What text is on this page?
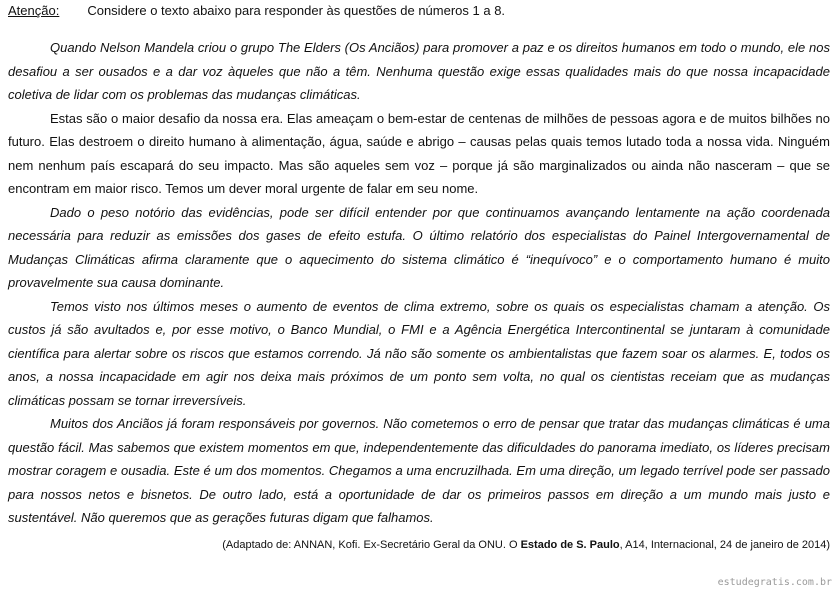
Atenção: Considere o texto abaixo para responder às questões de números 1 a 8.

Quando Nelson Mandela criou o grupo The Elders (Os Anciãos) para promover a paz e os direitos humanos em todo o mundo, ele nos desafiou a ser ousados e a dar voz àqueles que não a têm. Nenhuma questão exige essas qualidades mais do que nossa incapacidade coletiva de lidar com os problemas das mudanças climáticas.

Estas são o maior desafio da nossa era. Elas ameaçam o bem-estar de centenas de milhões de pessoas agora e de muitos bilhões no futuro. Elas destroem o direito humano à alimentação, água, saúde e abrigo – causas pelas quais temos lutado toda a nossa vida. Ninguém nem nenhum país escapará do seu impacto. Mas são aqueles sem voz – porque já são marginalizados ou ainda não nasceram – que se encontram em maior risco. Temos um dever moral urgente de falar em seu nome.

Dado o peso notório das evidências, pode ser difícil entender por que continuamos avançando lentamente na ação coordenada necessária para reduzir as emissões dos gases de efeito estufa. O último relatório dos especialistas do Painel Intergovernamental de Mudanças Climáticas afirma claramente que o aquecimento do sistema climático é “inequívoco” e o comportamento humano é muito provavelmente sua causa dominante.

Temos visto nos últimos meses o aumento de eventos de clima extremo, sobre os quais os especialistas chamam a atenção. Os custos já são avultados e, por esse motivo, o Banco Mundial, o FMI e a Agência Energética Intercontinental se juntaram à comunidade científica para alertar sobre os riscos que estamos correndo. Já não são somente os ambientalistas que fazem soar os alarmes. E, todos os anos, a nossa incapacidade em agir nos deixa mais próximos de um ponto sem volta, no qual os cientistas receiam que as mudanças climáticas possam se tornar irreversíveis.

Muitos dos Anciãos já foram responsáveis por governos. Não cometemos o erro de pensar que tratar das mudanças climáticas é uma questão fácil. Mas sabemos que existem momentos em que, independentemente das dificuldades do panorama imediato, os líderes precisam mostrar coragem e ousadia. Este é um dos momentos. Chegamos a uma encruzilhada. Em uma direção, um legado terrível pode ser passado para nossos netos e bisnetos. De outro lado, está a oportunidade de dar os primeiros passos em direção a um mundo mais justo e sustentável. Não queremos que as gerações futuras digam que falhamos.

(Adaptado de: ANNAN, Kofi. Ex-Secretário Geral da ONU. O Estado de S. Paulo, A14, Internacional, 24 de janeiro de 2014)
estudegratis.com.br
